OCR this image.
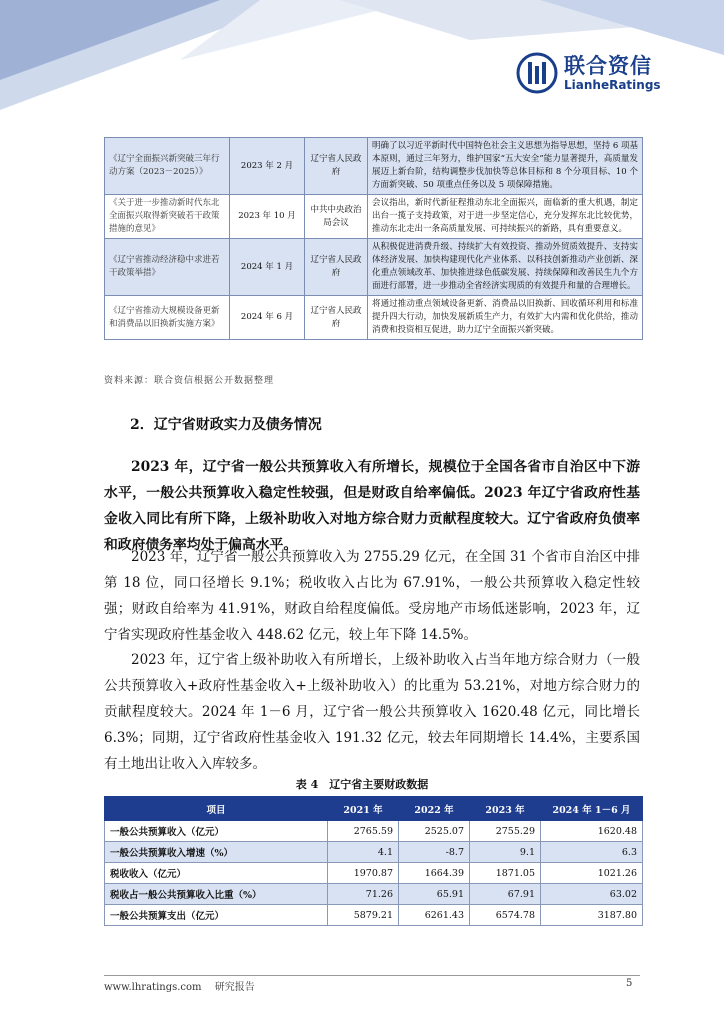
联合资信
LianheRatings
《辽宁全面振兴新突破三年行动方案（2023－2025）》	2023 年 2 月	辽宁省人民政府	明确了以习近平新时代中国特色社会主义思想为指导思想，坚持 6 项基本原则，通过三年努力，维护国家“五大安全”能力显著提升，高质量发展迈上新台阶，结构调整步伐加快等总体目标和 8 个分项目标、10 个方面新突破、50 项重点任务以及 5 项保障措施。
《关于进一步推动新时代东北全面振兴取得新突破若干政策措施的意见》	2023 年 10 月	中共中央政治局会议	会议指出，新时代新征程推动东北全面振兴，面临新的重大机遇，制定出台一揽子支持政策，对于进一步坚定信心，充分发挥东北比较优势，推动东北走出一条高质量发展、可持续振兴的新路，具有重要意义。
《辽宁省推动经济稳中求进若干政策举措》	2024 年 1 月	辽宁省人民政府	从积极促进消费升级、持续扩大有效投资、推动外贸质效提升、支持实体经济发展、加快构建现代化产业体系、以科技创新推动产业创新、深化重点领域改革、加快推进绿色低碳发展、持续保障和改善民生九个方面进行部署，进一步推动全省经济实现质的有效提升和量的合理增长。
《辽宁省推动大规模设备更新和消费品以旧换新实施方案》	2024 年 6 月	辽宁省人民政府	将通过推动重点领域设备更新、消费品以旧换新、回收循环利用和标准提升四大行动，加快发展新质生产力，有效扩大内需和优化供给，推动消费和投资相互促进，助力辽宁全面振兴新突破。
资料来源：联合资信根据公开数据整理
2．辽宁省财政实力及债务情况

2023 年，辽宁省一般公共预算收入有所增长，规模位于全国各省市自治区中下游水平，一般公共预算收入稳定性较强，但是财政自给率偏低。2023 年辽宁省政府性基金收入同比有所下降，上级补助收入对地方综合财力贡献程度较大。辽宁省政府负债率和政府债务率均处于偏高水平。

2023 年，辽宁省一般公共预算收入为 2755.29 亿元，在全国 31 个省市自治区中排第 18 位，同口径增长 9.1%；税收收入占比为 67.91%，一般公共预算收入稳定性较强；财政自给率为 41.91%，财政自给程度偏低。受房地产市场低迷影响，2023 年，辽宁省实现政府性基金收入 448.62 亿元，较上年下降 14.5%。

2023 年，辽宁省上级补助收入有所增长，上级补助收入占当年地方综合财力（一般公共预算收入+政府性基金收入+上级补助收入）的比重为 53.21%，对地方综合财力的贡献程度较大。2024 年 1－6 月，辽宁省一般公共预算收入 1620.48 亿元，同比增长 6.3%；同期，辽宁省政府性基金收入 191.32 亿元，较去年同期增长 14.4%，主要系国有土地出让收入入库较多。

表 4　辽宁省主要财政数据
项目	2021 年	2022 年	2023 年	2024 年 1－6 月
一般公共预算收入（亿元）	2765.59	2525.07	2755.29	1620.48
一般公共预算收入增速（%）	4.1	-8.7	9.1	6.3
税收收入（亿元）	1970.87	1664.39	1871.05	1021.26
税收占一般公共预算收入比重（%）	71.26	65.91	67.91	63.02
一般公共预算支出（亿元）	5879.21	6261.43	6574.78	3187.80
www.lhratings.com 研究报告	5
